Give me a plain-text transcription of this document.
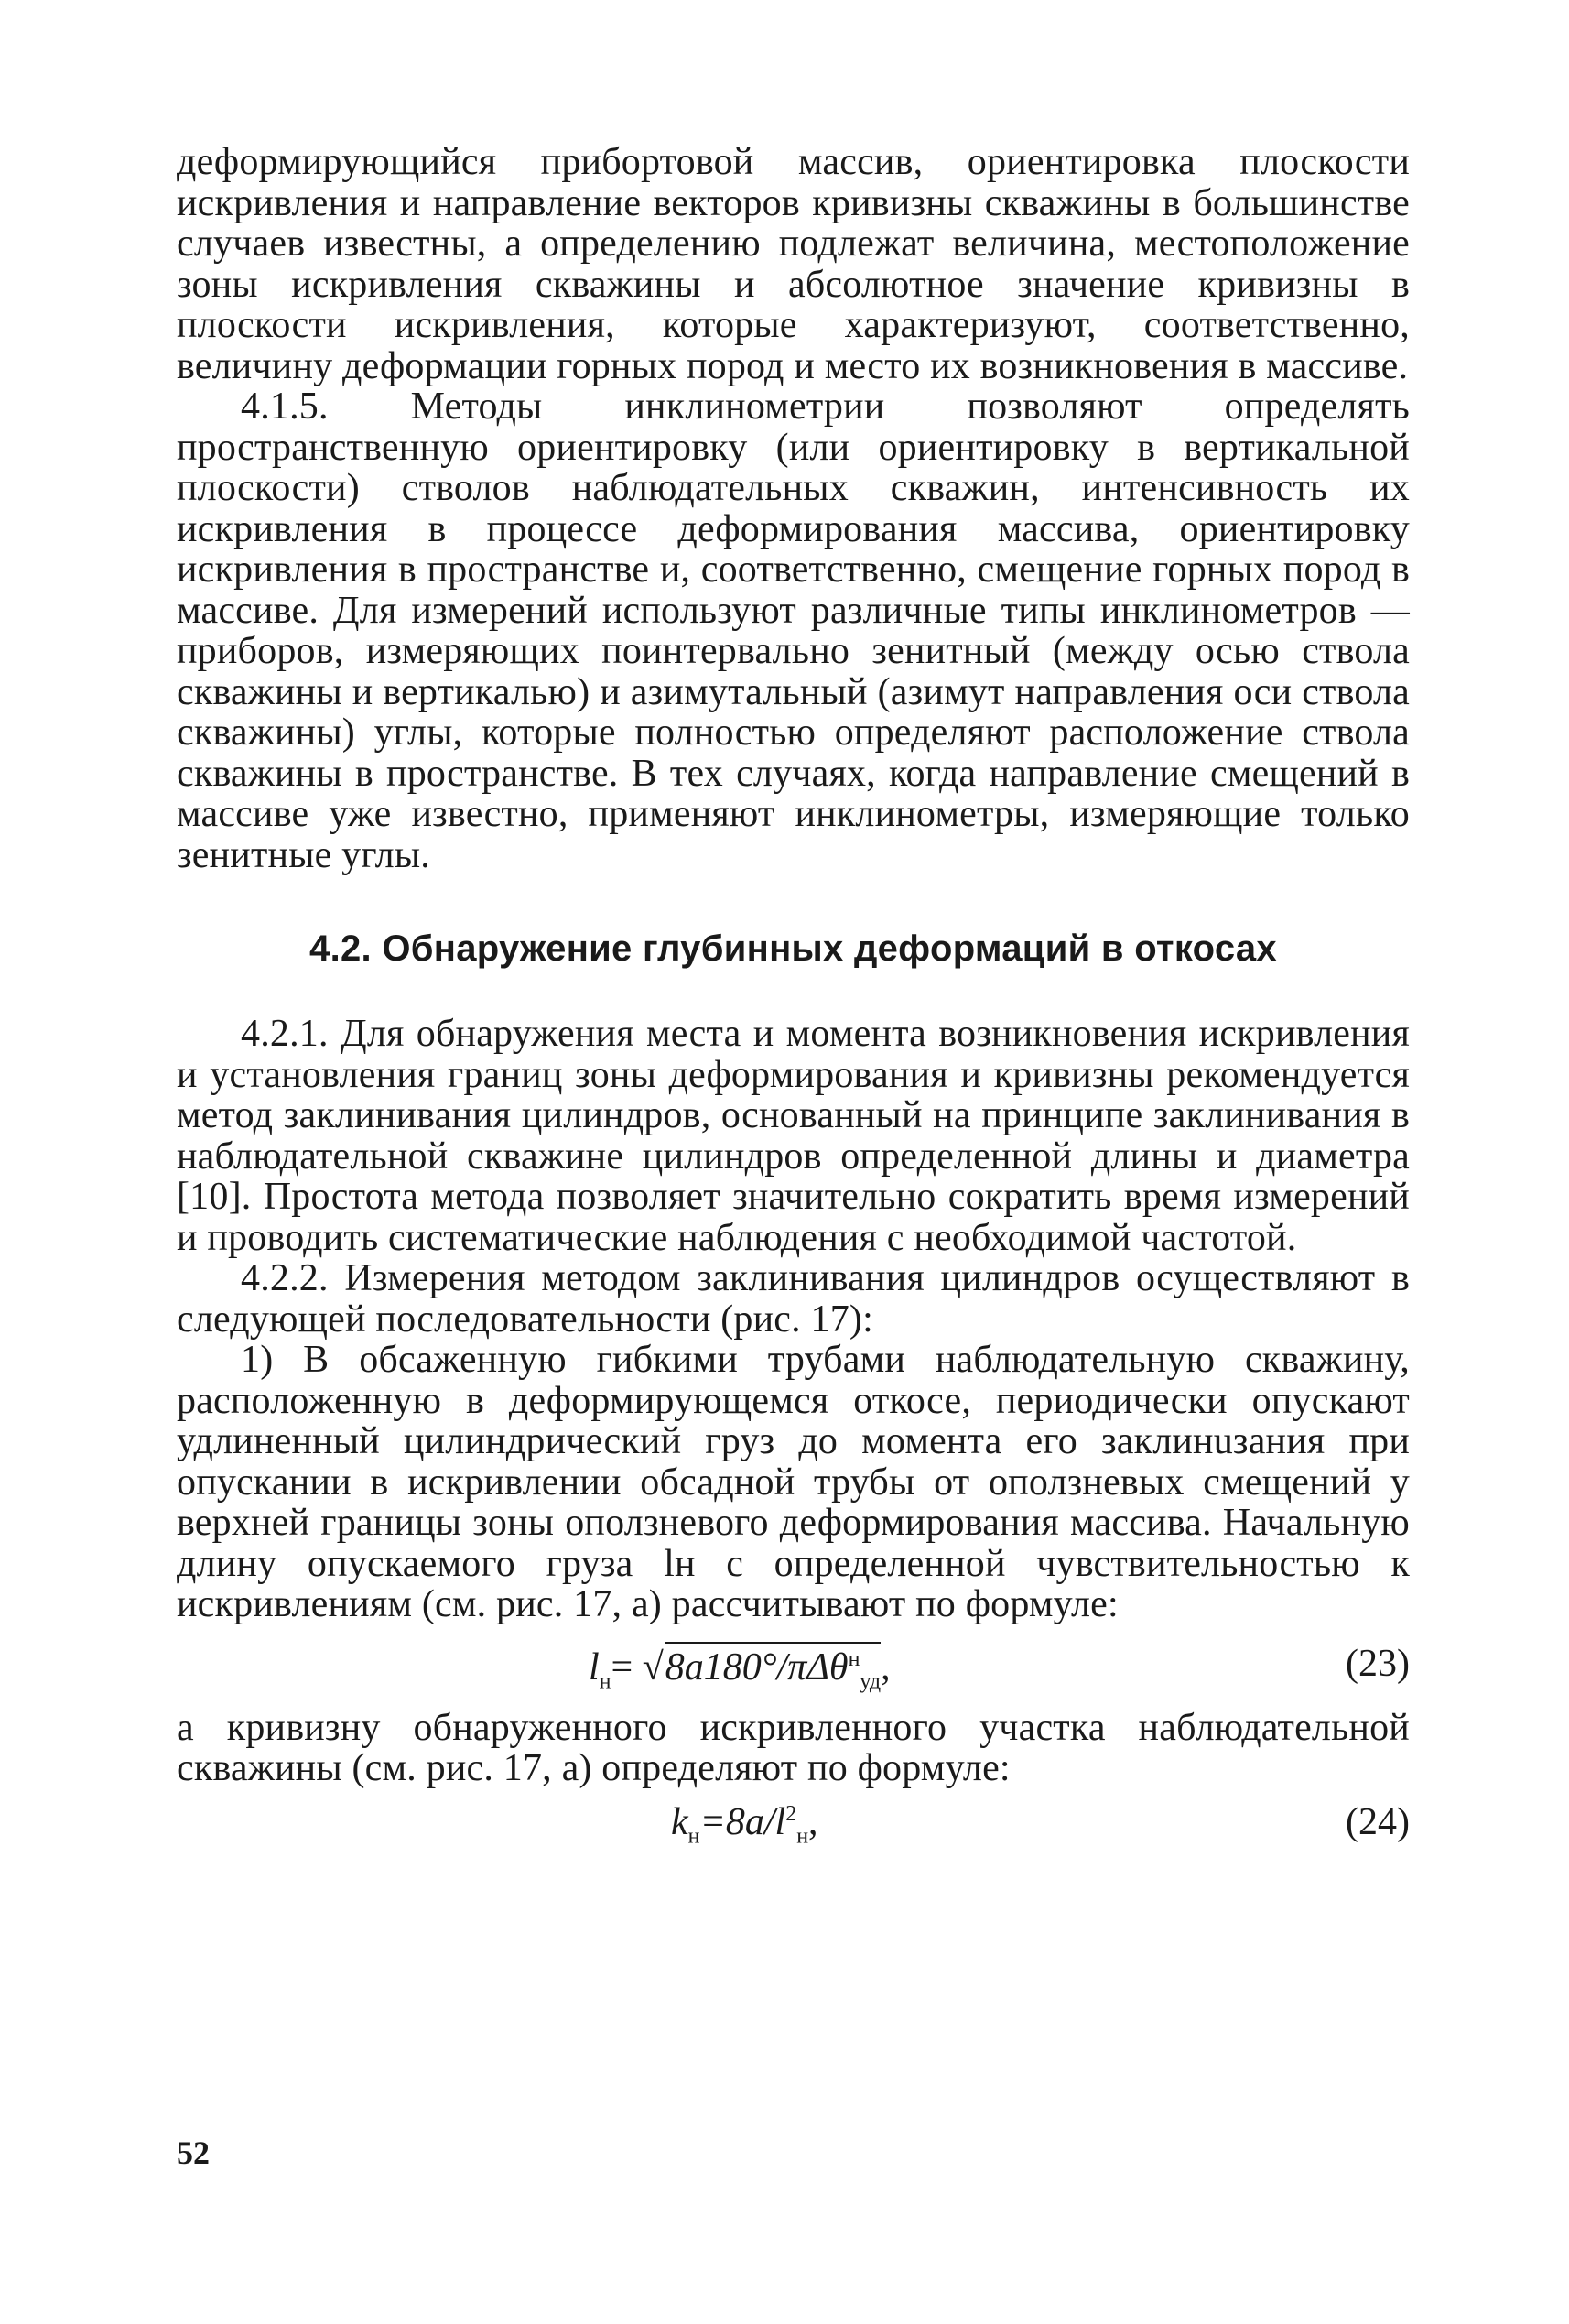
деформирующийся прибортовой массив, ориентировка плоскости искривления и направление векторов кривизны скважины в большинстве случаев известны, а определению подлежат величина, местоположение зоны искривления скважины и абсолютное значение кривизны в плоскости искривления, которые характеризуют, соответственно, величину деформации горных пород и место их возникновения в массиве.

4.1.5. Методы инклинометрии позволяют определять пространственную ориентировку (или ориентировку в вертикальной плоскости) стволов наблюдательных скважин, интенсивность их искривления в процессе деформирования массива, ориентировку искривления в пространстве и, соответственно, смещение горных пород в массиве. Для измерений используют различные типы инклинометров — приборов, измеряющих поинтервально зенитный (между осью ствола скважины и вертикалью) и азимутальный (азимут направления оси ствола скважины) углы, которые полностью определяют расположение ствола скважины в пространстве. В тех случаях, когда направление смещений в массиве уже известно, применяют инклинометры, измеряющие только зенитные углы.

4.2. Обнаружение глубинных деформаций в откосах

4.2.1. Для обнаружения места и момента возникновения искривления и установления границ зоны деформирования и кривизны рекомендуется метод заклинивания цилиндров, основанный на принципе заклинивания в наблюдательной скважине цилиндров определенной длины и диаметра [10]. Простота метода позволяет значительно сократить время измерений и проводить систематические наблюдения с необходимой частотой.

4.2.2. Измерения методом заклинивания цилиндров осуществляют в следующей последовательности (рис. 17):

1) В обсаженную гибкими трубами наблюдательную скважину, расположенную в деформирующемся откосе, периодически опускают удлиненный цилиндрический груз до момента его заклинuзания при опускании в искривлении обсадной трубы от оползневых смещений у верхней границы зоны оползневого деформирования массива. Начальную длину опускаемого груза lн с определенной чувствительностью к искривлениям (см. рис. 17, а) рассчитывают по формуле:

$l_н= √8a180^\circ/\pi\Delta\theta^н_{уд}$,	(23)

а кривизну обнаруженного искривленного участка наблюдательной скважины (см. рис. 17, а) определяют по формуле:

$k_н=8a/l^2_н$,	(24)
52
